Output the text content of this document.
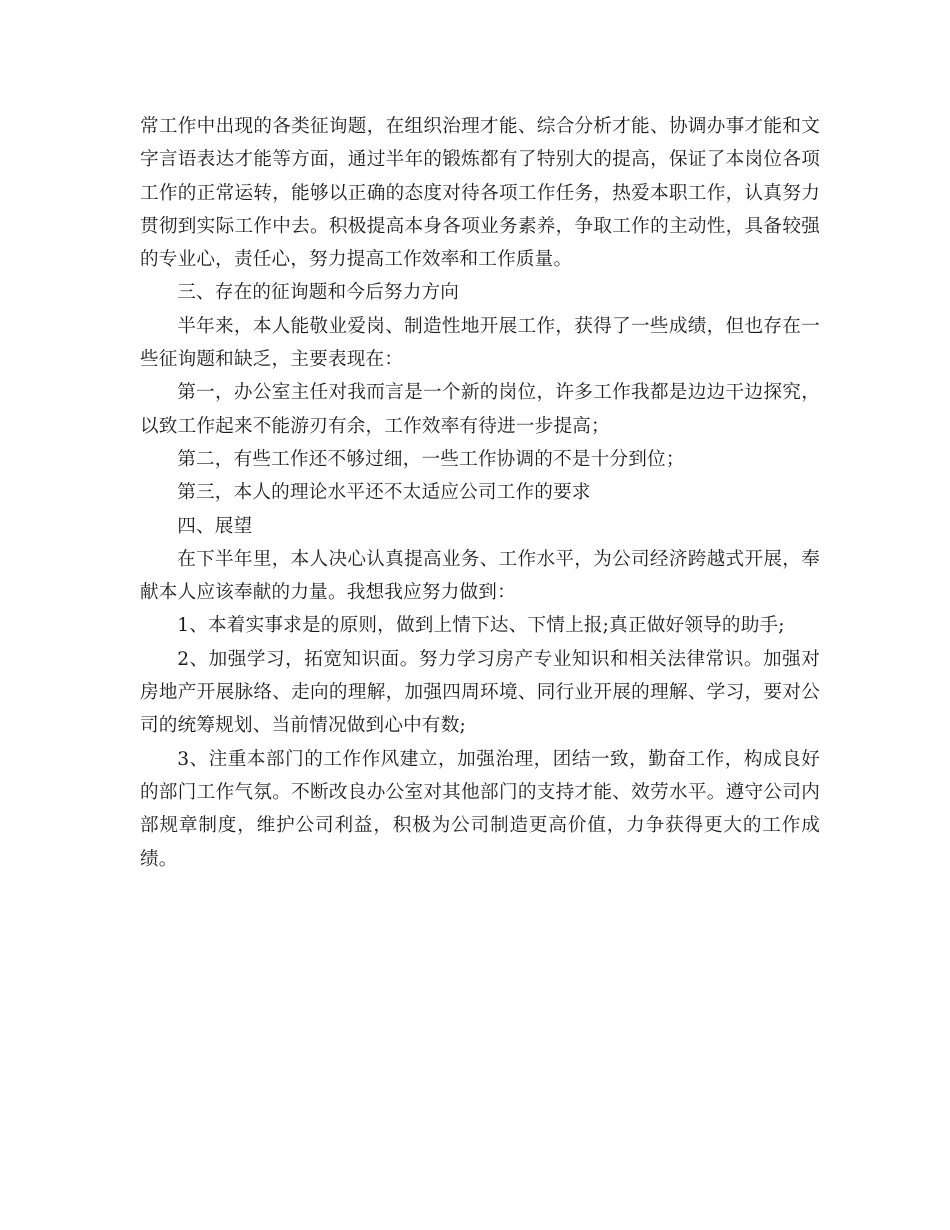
常工作中出现的各类征询题，在组织治理才能、综合分析才能、协调办事才能和文字言语表达才能等方面，通过半年的锻炼都有了特别大的提高，保证了本岗位各项工作的正常运转，能够以正确的态度对待各项工作任务，热爱本职工作，认真努力贯彻到实际工作中去。积极提高本身各项业务素养，争取工作的主动性，具备较强的专业心，责任心，努力提高工作效率和工作质量。

三、存在的征询题和今后努力方向

半年来，本人能敬业爱岗、制造性地开展工作，获得了一些成绩，但也存在一些征询题和缺乏，主要表现在：

第一，办公室主任对我而言是一个新的岗位，许多工作我都是边边干边探究，以致工作起来不能游刃有余，工作效率有待进一步提高；

第二，有些工作还不够过细，一些工作协调的不是十分到位；

第三，本人的理论水平还不太适应公司工作的要求

四、展望

在下半年里，本人决心认真提高业务、工作水平，为公司经济跨越式开展，奉献本人应该奉献的力量。我想我应努力做到：

1、本着实事求是的原则，做到上情下达、下情上报;真正做好领导的助手;

2、加强学习，拓宽知识面。努力学习房产专业知识和相关法律常识。加强对房地产开展脉络、走向的理解，加强四周环境、同行业开展的理解、学习，要对公司的统筹规划、当前情况做到心中有数;

3、注重本部门的工作作风建立，加强治理，团结一致，勤奋工作，构成良好的部门工作气氛。不断改良办公室对其他部门的支持才能、效劳水平。遵守公司内部规章制度，维护公司利益，积极为公司制造更高价值，力争获得更大的工作成绩。
